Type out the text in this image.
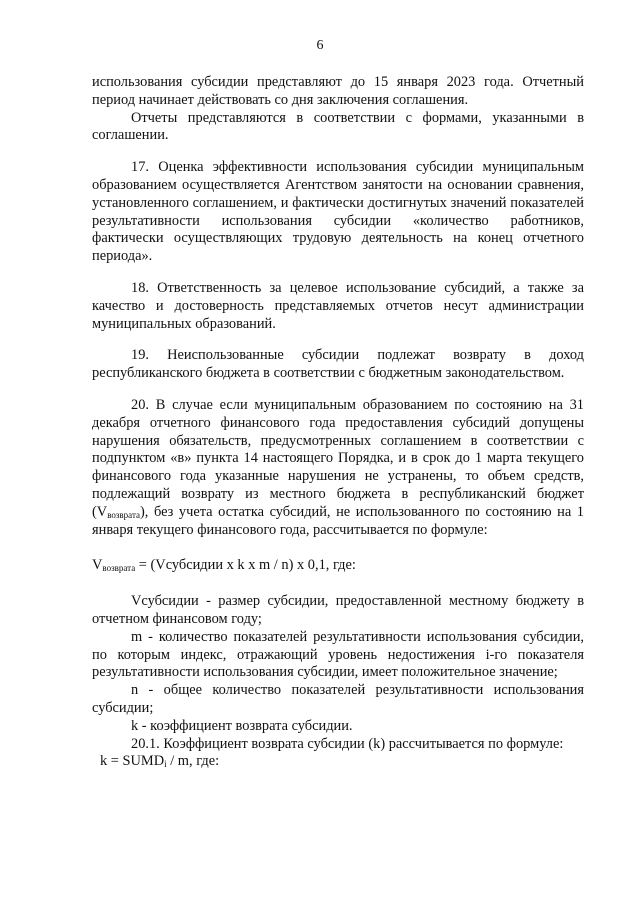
6

использования субсидии представляют до 15 января 2023 года. Отчетный период начинает действовать со дня заключения соглашения.

Отчеты представляются в соответствии с формами, указанными в соглашении.

17. Оценка эффективности использования субсидии муниципальным образованием осуществляется Агентством занятости на основании сравнения, установленного соглашением, и фактически достигнутых значений показателей результативности использования субсидии «количество работников, фактически осуществляющих трудовую деятельность на конец отчетного периода».

18. Ответственность за целевое использование субсидий, а также за качество и достоверность представляемых отчетов несут администрации муниципальных образований.

19. Неиспользованные субсидии подлежат возврату в доход республиканского бюджета в соответствии с бюджетным законодательством.

20. В случае если муниципальным образованием по состоянию на 31 декабря отчетного финансового года предоставления субсидий допущены нарушения обязательств, предусмотренных соглашением в соответствии с подпунктом «в» пункта 14 настоящего Порядка, и в срок до 1 марта текущего финансового года указанные нарушения не устранены, то объем средств, подлежащий возврату из местного бюджета в республиканский бюджет $(V_{возврата})$, без учета остатка субсидий, не использованного по состоянию на 1 января текущего финансового года, рассчитывается по формуле:

$V_{возврата}$ = (Vсубсидии x k x m / n) x 0,1, где:

Vсубсидии - размер субсидии, предоставленной местному бюджету в отчетном финансовом году;

m - количество показателей результативности использования субсидии, по которым индекс, отражающий уровень недостижения i-го показателя результативности использования субсидии, имеет положительное значение;

n - общее количество показателей результативности использования субсидии;

k - коэффициент возврата субсидии.

20.1. Коэффициент возврата субсидии (k) рассчитывается по формуле:

$k = SUMD_i / m$, где:
